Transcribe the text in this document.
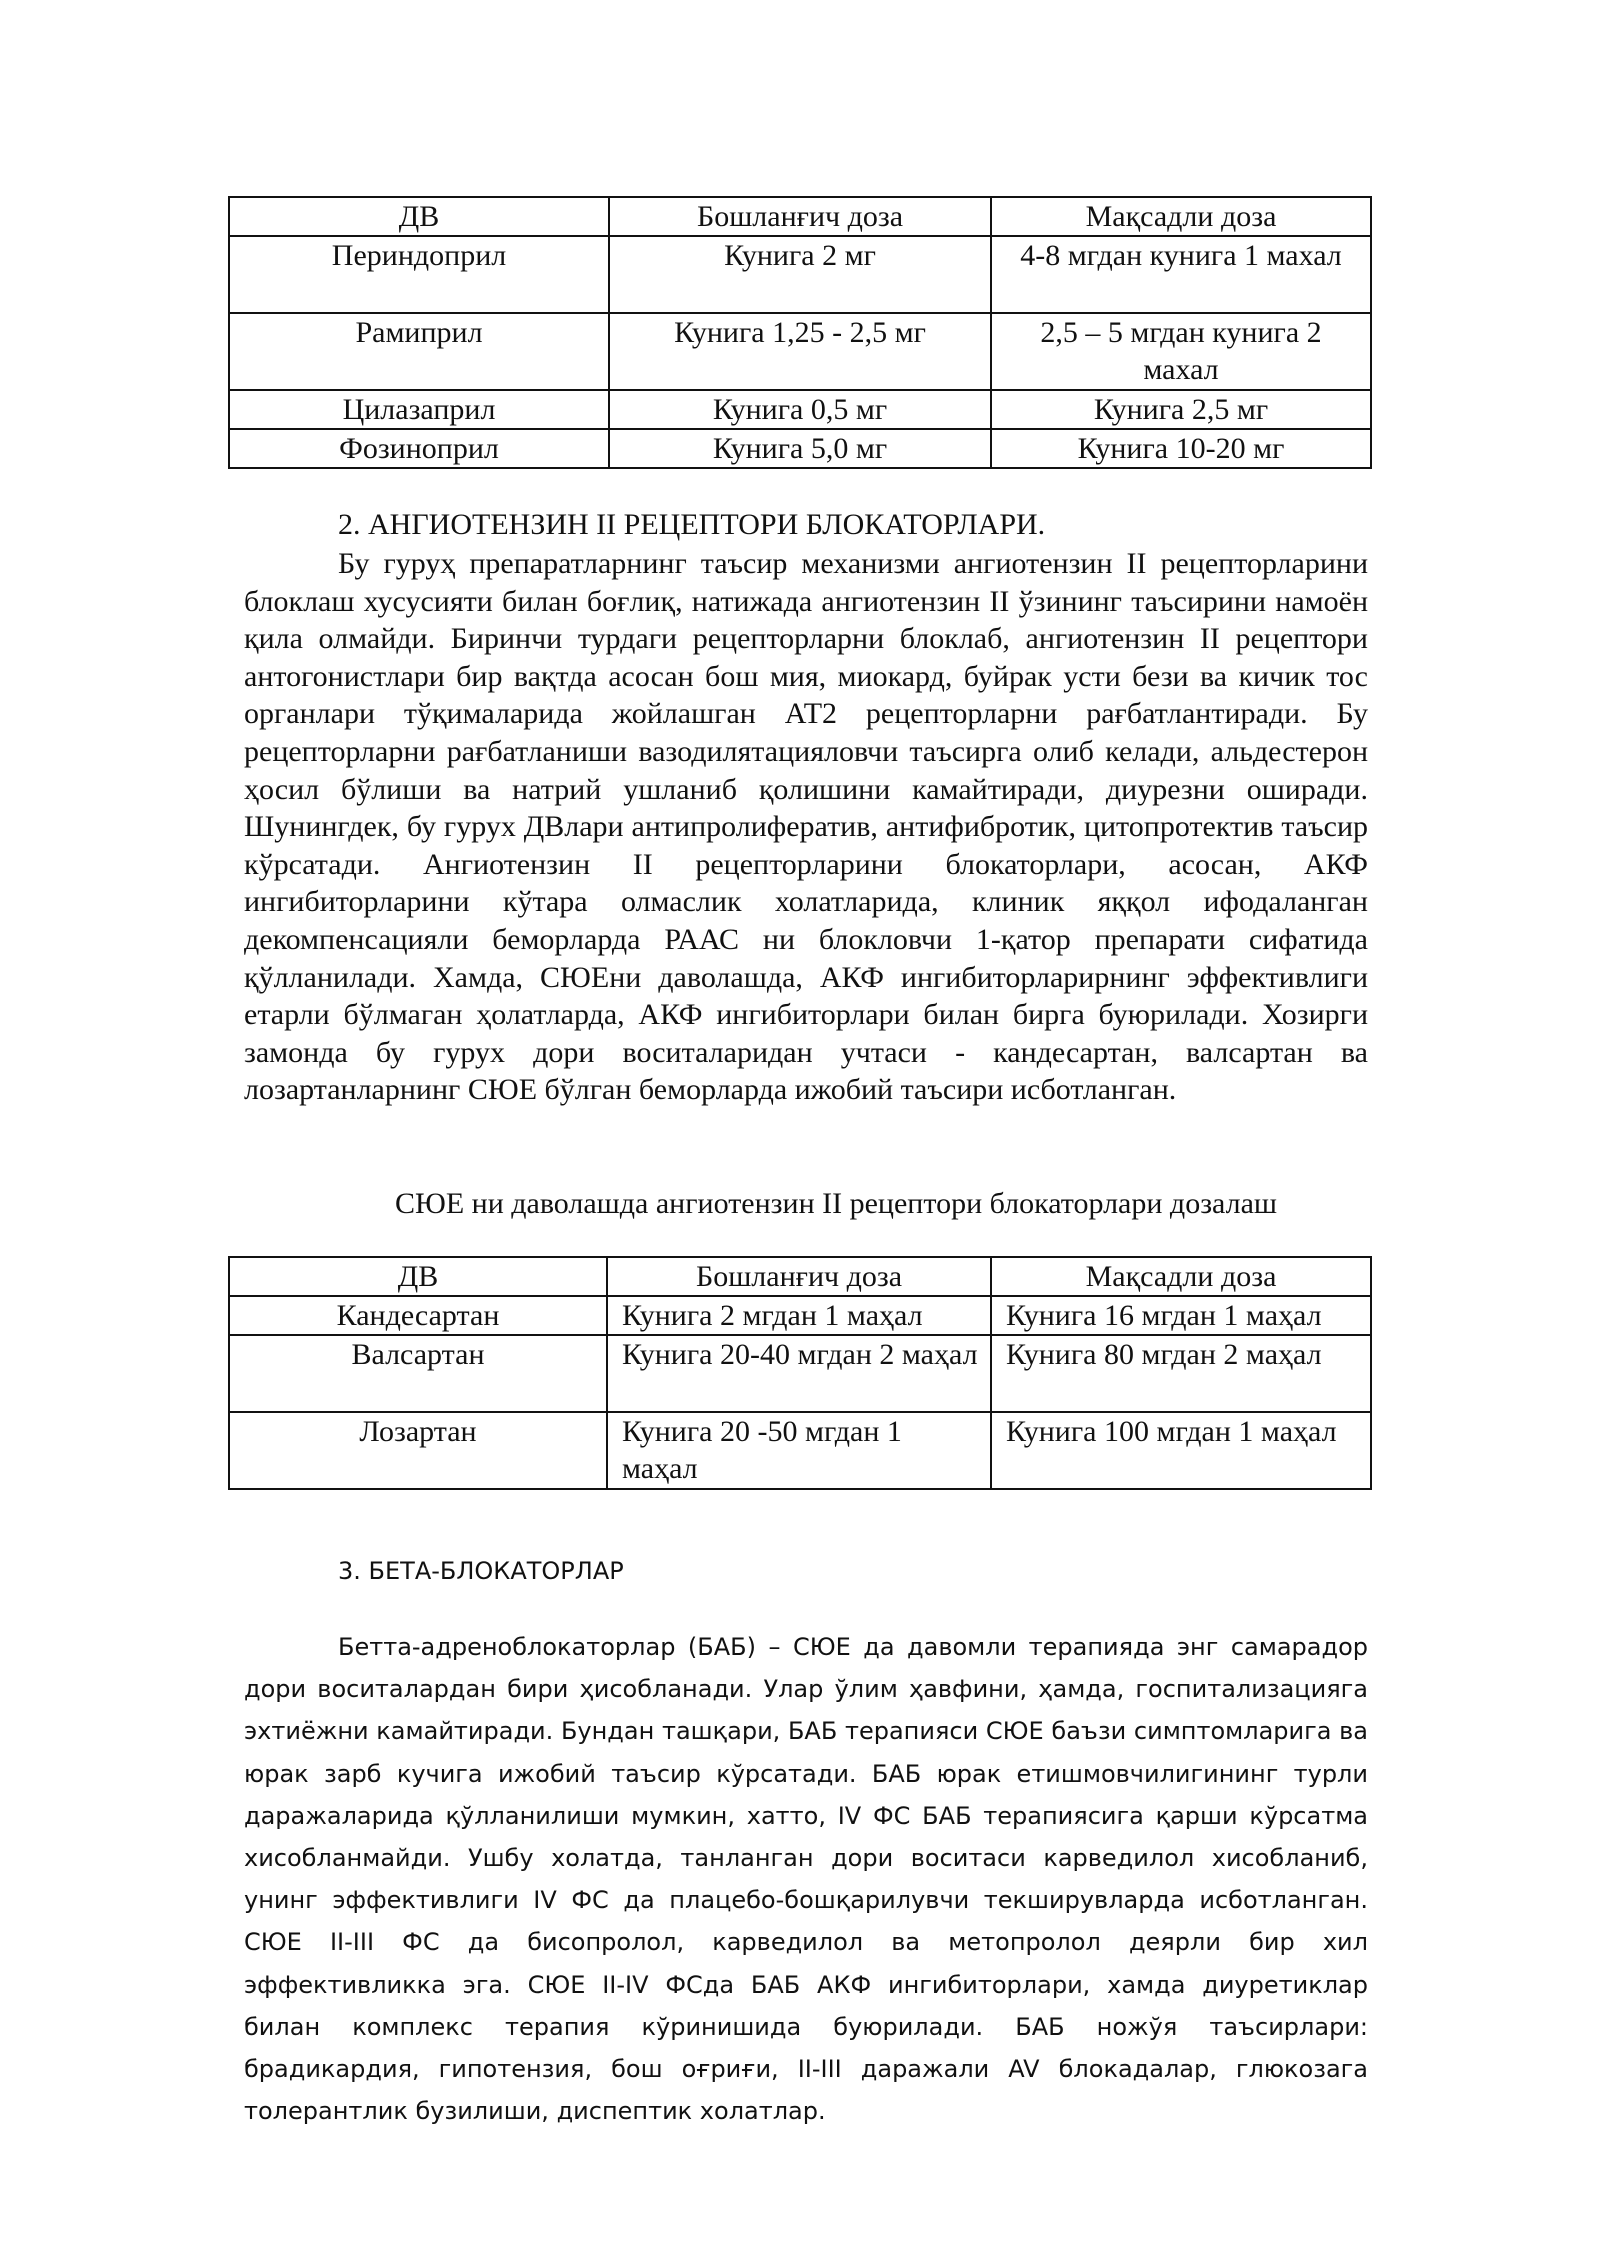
ДВ	Бошланғич доза	Мақсадли доза
Периндоприл	Кунига 2 мг	4-8 мгдан кунига 1 махал
Рамиприл	Кунига 1,25 - 2,5 мг	2,5 – 5 мгдан кунига 2 махал
Цилазаприл	Кунига 0,5 мг	Кунига 2,5 мг
Фозиноприл	Кунига 5,0 мг	Кунига 10-20 мг
2. АНГИОТЕНЗИН II РЕЦЕПТОРИ БЛОКАТОРЛАРИ.
Бу гуруҳ препаратларнинг таъсир механизми ангиотензин II рецепторларини блоклаш хусусияти билан боғлиқ, натижада ангиотензин II ўзининг таъсирини намоён қила олмайди. Биринчи турдаги рецепторларни блоклаб, ангиотензин II рецептори антогонистлари бир вақтда асосан бош мия, миокард, буйрак усти бези ва кичик тос органлари тўқималарида жойлашган АТ2 рецепторларни рағбатлантиради. Бу рецепторларни рағбатланиши вазодилятацияловчи таъсирга олиб келади, альдестерон ҳосил бўлиши ва натрий ушланиб қолишини камайтиради, диурезни оширади. Шунингдек, бу гурух ДВлари антипролифератив, антифибротик, цитопротектив таъсир кўрсатади. Ангиотензин II рецепторларини блокаторлари, асосан, АКФ ингибиторларини кўтара олмаслик холатларида, клиник яққол ифодаланган декомпенсацияли беморларда РААС ни блокловчи 1-қатор препарати сифатида қўлланилади. Хамда, СЮЕни даволашда, АКФ ингибиторларирнинг эффективлиги етарли бўлмаган ҳолатларда, АКФ ингибиторлари билан бирга буюрилади. Хозирги замонда бу гурух дори воситаларидан учтаси - кандесартан, валсартан ва лозартанларнинг СЮЕ бўлган беморларда ижобий таъсири исботланган.
СЮЕ ни даволашда ангиотензин II рецептори блокаторлари дозалаш
ДВ	Бошланғич доза	Мақсадли доза
Кандесартан	Кунига 2 мгдан 1 маҳал	Кунига 16 мгдан 1 маҳал
Валсартан	Кунига 20-40 мгдан 2 маҳал	Кунига 80 мгдан 2 маҳал
Лозартан	Кунига 20 -50 мгдан 1 маҳал	Кунига 100 мгдан 1 маҳал
3. БЕТА-БЛОКАТОРЛАР
Бетта-адреноблокаторлар (БАБ) – СЮЕ да давомли терапияда энг самарадор дори воситалардан бири ҳисобланади. Улар ўлим ҳавфини, ҳамда, госпитализацияга эхтиёжни камайтиради. Бундан ташқари, БАБ терапияси СЮЕ баъзи симптомларига ва юрак зарб кучига ижобий таъсир кўрсатади. БАБ юрак етишмовчилигининг турли даражаларида қўлланилиши мумкин, хатто, IV ФС БАБ терапиясига қарши кўрсатма хисобланмайди. Ушбу холатда, танланган дори воситаси карведилол хисобланиб, унинг эффективлиги IV ФС да плацебо-бошқарилувчи текширувларда исботланган. СЮЕ II-III ФС да бисопролол, карведилол ва метопролол деярли бир хил эффективликка эга. СЮЕ II-IV ФСда БАБ АКФ ингибиторлари, хамда диуретиклар билан комплекс терапия кўринишида буюрилади. БАБ ножўя таъсирлари: брадикардия, гипотензия, бош оғриғи, II-III даражали AV блокадалар, глюкозага толерантлик бузилиши, диспептик холатлар.
